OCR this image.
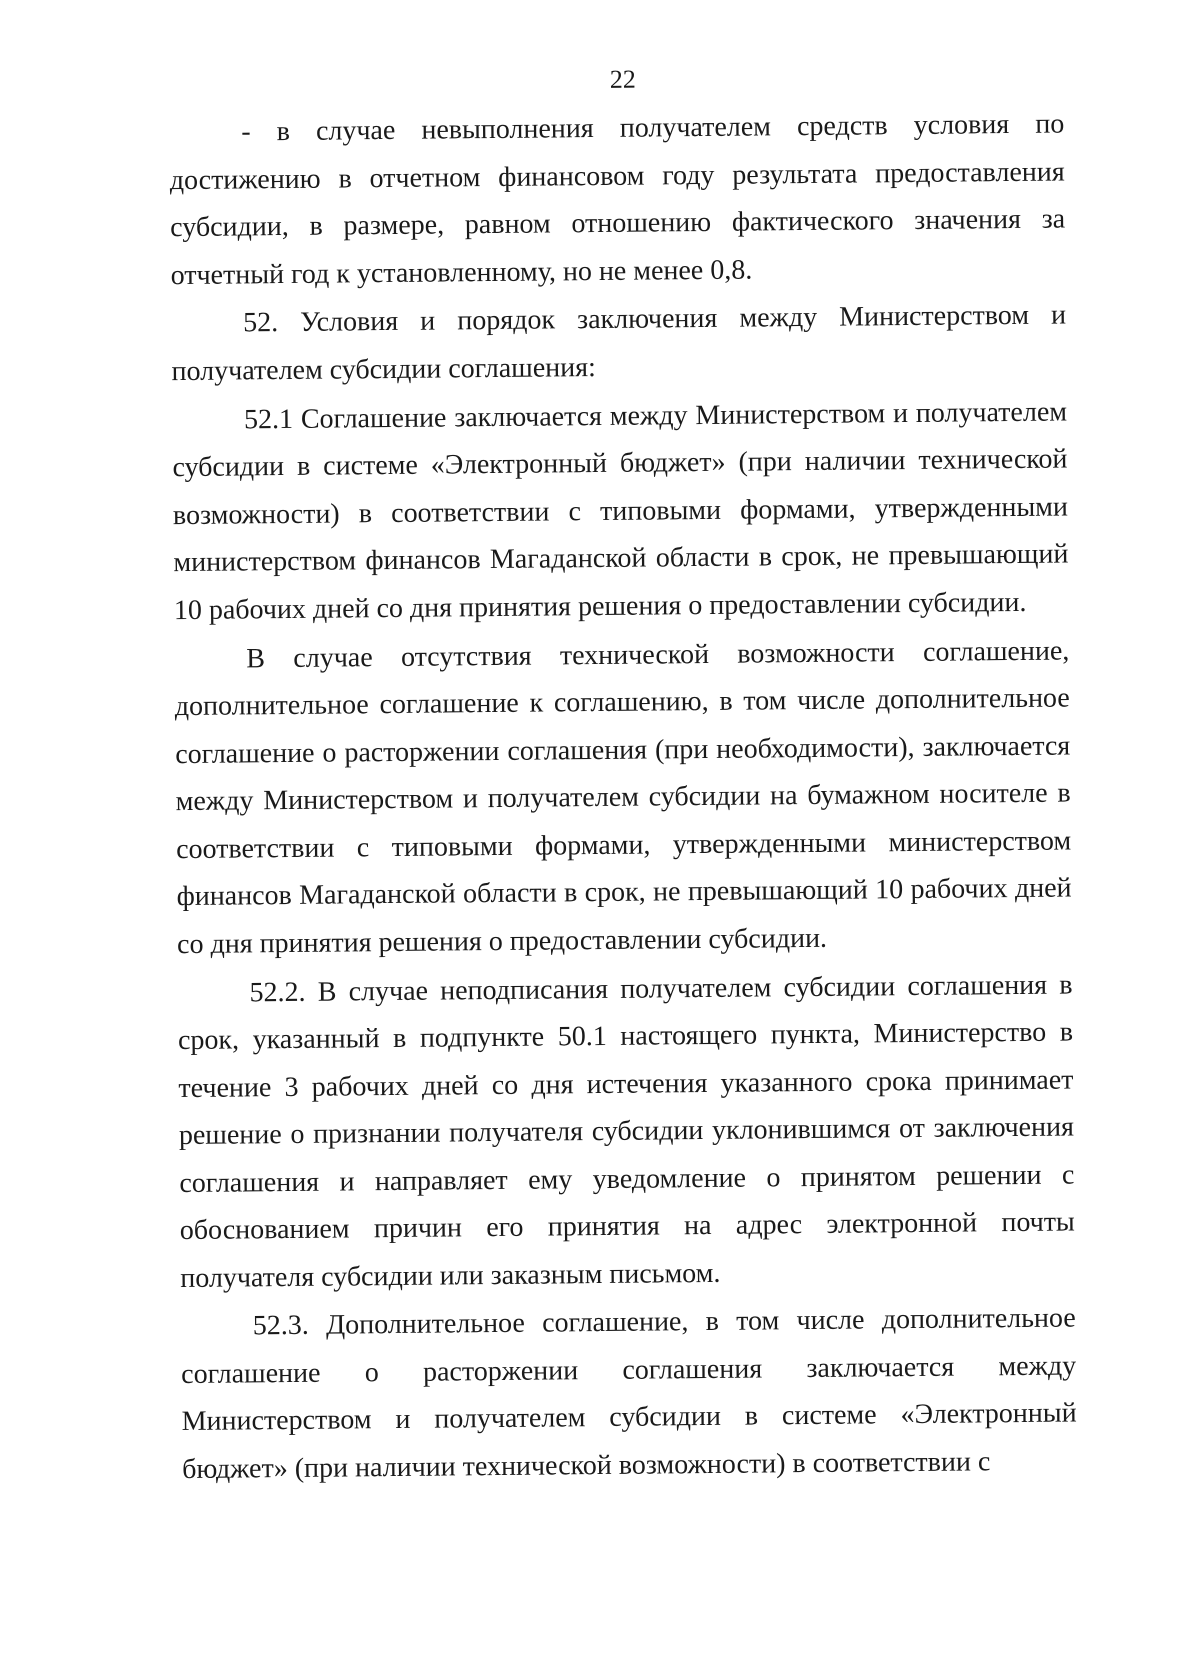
22

- в случае невыполнения получателем средств условия по достижению в отчетном финансовом году результата предоставления субсидии, в размере, равном отношению фактического значения за отчетный год к установленному, но не менее 0,8.

52. Условия и порядок заключения между Министерством и получателем субсидии соглашения:

52.1 Соглашение заключается между Министерством и получателем субсидии в системе «Электронный бюджет» (при наличии технической возможности) в соответствии с типовыми формами, утвержденными министерством финансов Магаданской области в срок, не превышающий 10 рабочих дней со дня принятия решения о предоставлении субсидии.

В случае отсутствия технической возможности соглашение, дополнительное соглашение к соглашению, в том числе дополнительное соглашение о расторжении соглашения (при необходимости), заключается между Министерством и получателем субсидии на бумажном носителе в соответствии с типовыми формами, утвержденными министерством финансов Магаданской области в срок, не превышающий 10 рабочих дней со дня принятия решения о предоставлении субсидии.

52.2. В случае неподписания получателем субсидии соглашения в срок, указанный в подпункте 50.1 настоящего пункта, Министерство в течение 3 рабочих дней со дня истечения указанного срока принимает решение о признании получателя субсидии уклонившимся от заключения соглашения и направляет ему уведомление о принятом решении с обоснованием причин его принятия на адрес электронной почты получателя субсидии или заказным письмом.

52.3. Дополнительное соглашение, в том числе дополнительное соглашение о расторжении соглашения заключается между Министерством и получателем субсидии в системе «Электронный бюджет» (при наличии технической возможности) в соответствии с
